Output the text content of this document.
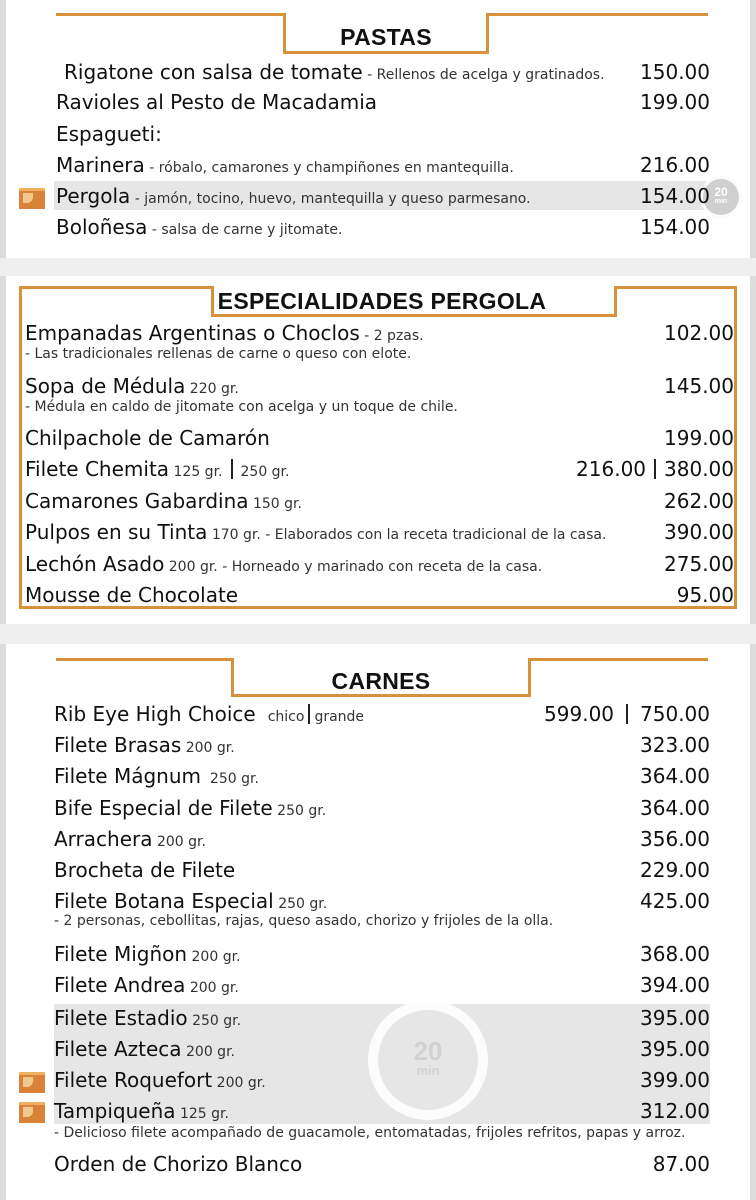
PASTAS
20
min
Rigatone con salsa de tomate - Rellenos de acelga y gratinados. 150.00
Ravioles al Pesto de Macadamia	199.00
Espagueti:
Marinera - róbalo, camarones y champiñones en mantequilla.	216.00
Pergola - jamón, tocino, huevo, mantequilla y queso parmesano.	154.00
Boloñesa - salsa de carne y jitomate.	154.00
ESPECIALIDADES PERGOLA
Empanadas Argentinas o Choclos - 2 pzas.	102.00
- Las tradicionales rellenas de carne o queso con elote.
Sopa de Médula 220 gr.	145.00
- Médula en caldo de jitomate con acelga y un toque de chile.
Chilpachole de Camarón	199.00
Filete Chemita 125 gr. 250 gr.	216.00 380.00
Camarones Gabardina 150 gr.	262.00
Pulpos en su Tinta 170 gr. - Elaborados con la receta tradicional de la casa.	390.00
Lechón Asado 200 gr. - Horneado y marinado con receta de la casa.	275.00
Mousse de Chocolate	95.00
CARNES
20
min
Rib Eye High Choice chico grande	599.00 750.00
Filete Brasas 200 gr.	323.00
Filete Mágnum  250 gr.	364.00
Bife Especial de Filete 250 gr.	364.00
Arrachera 200 gr.	356.00
Brocheta de Filete	229.00
Filete Botana Especial 250 gr.	425.00
- 2 personas, cebollitas, rajas, queso asado, chorizo y frijoles de la olla.
Filete Migñon 200 gr.	368.00
Filete Andrea 200 gr.	394.00
Filete Estadio 250 gr.	395.00
Filete Azteca 200 gr.	395.00
Filete Roquefort 200 gr.	399.00
Tampiqueña 125 gr.	312.00
- Delicioso filete acompañado de guacamole, entomatadas, frijoles refritos, papas y arroz.
Orden de Chorizo Blanco	87.00
